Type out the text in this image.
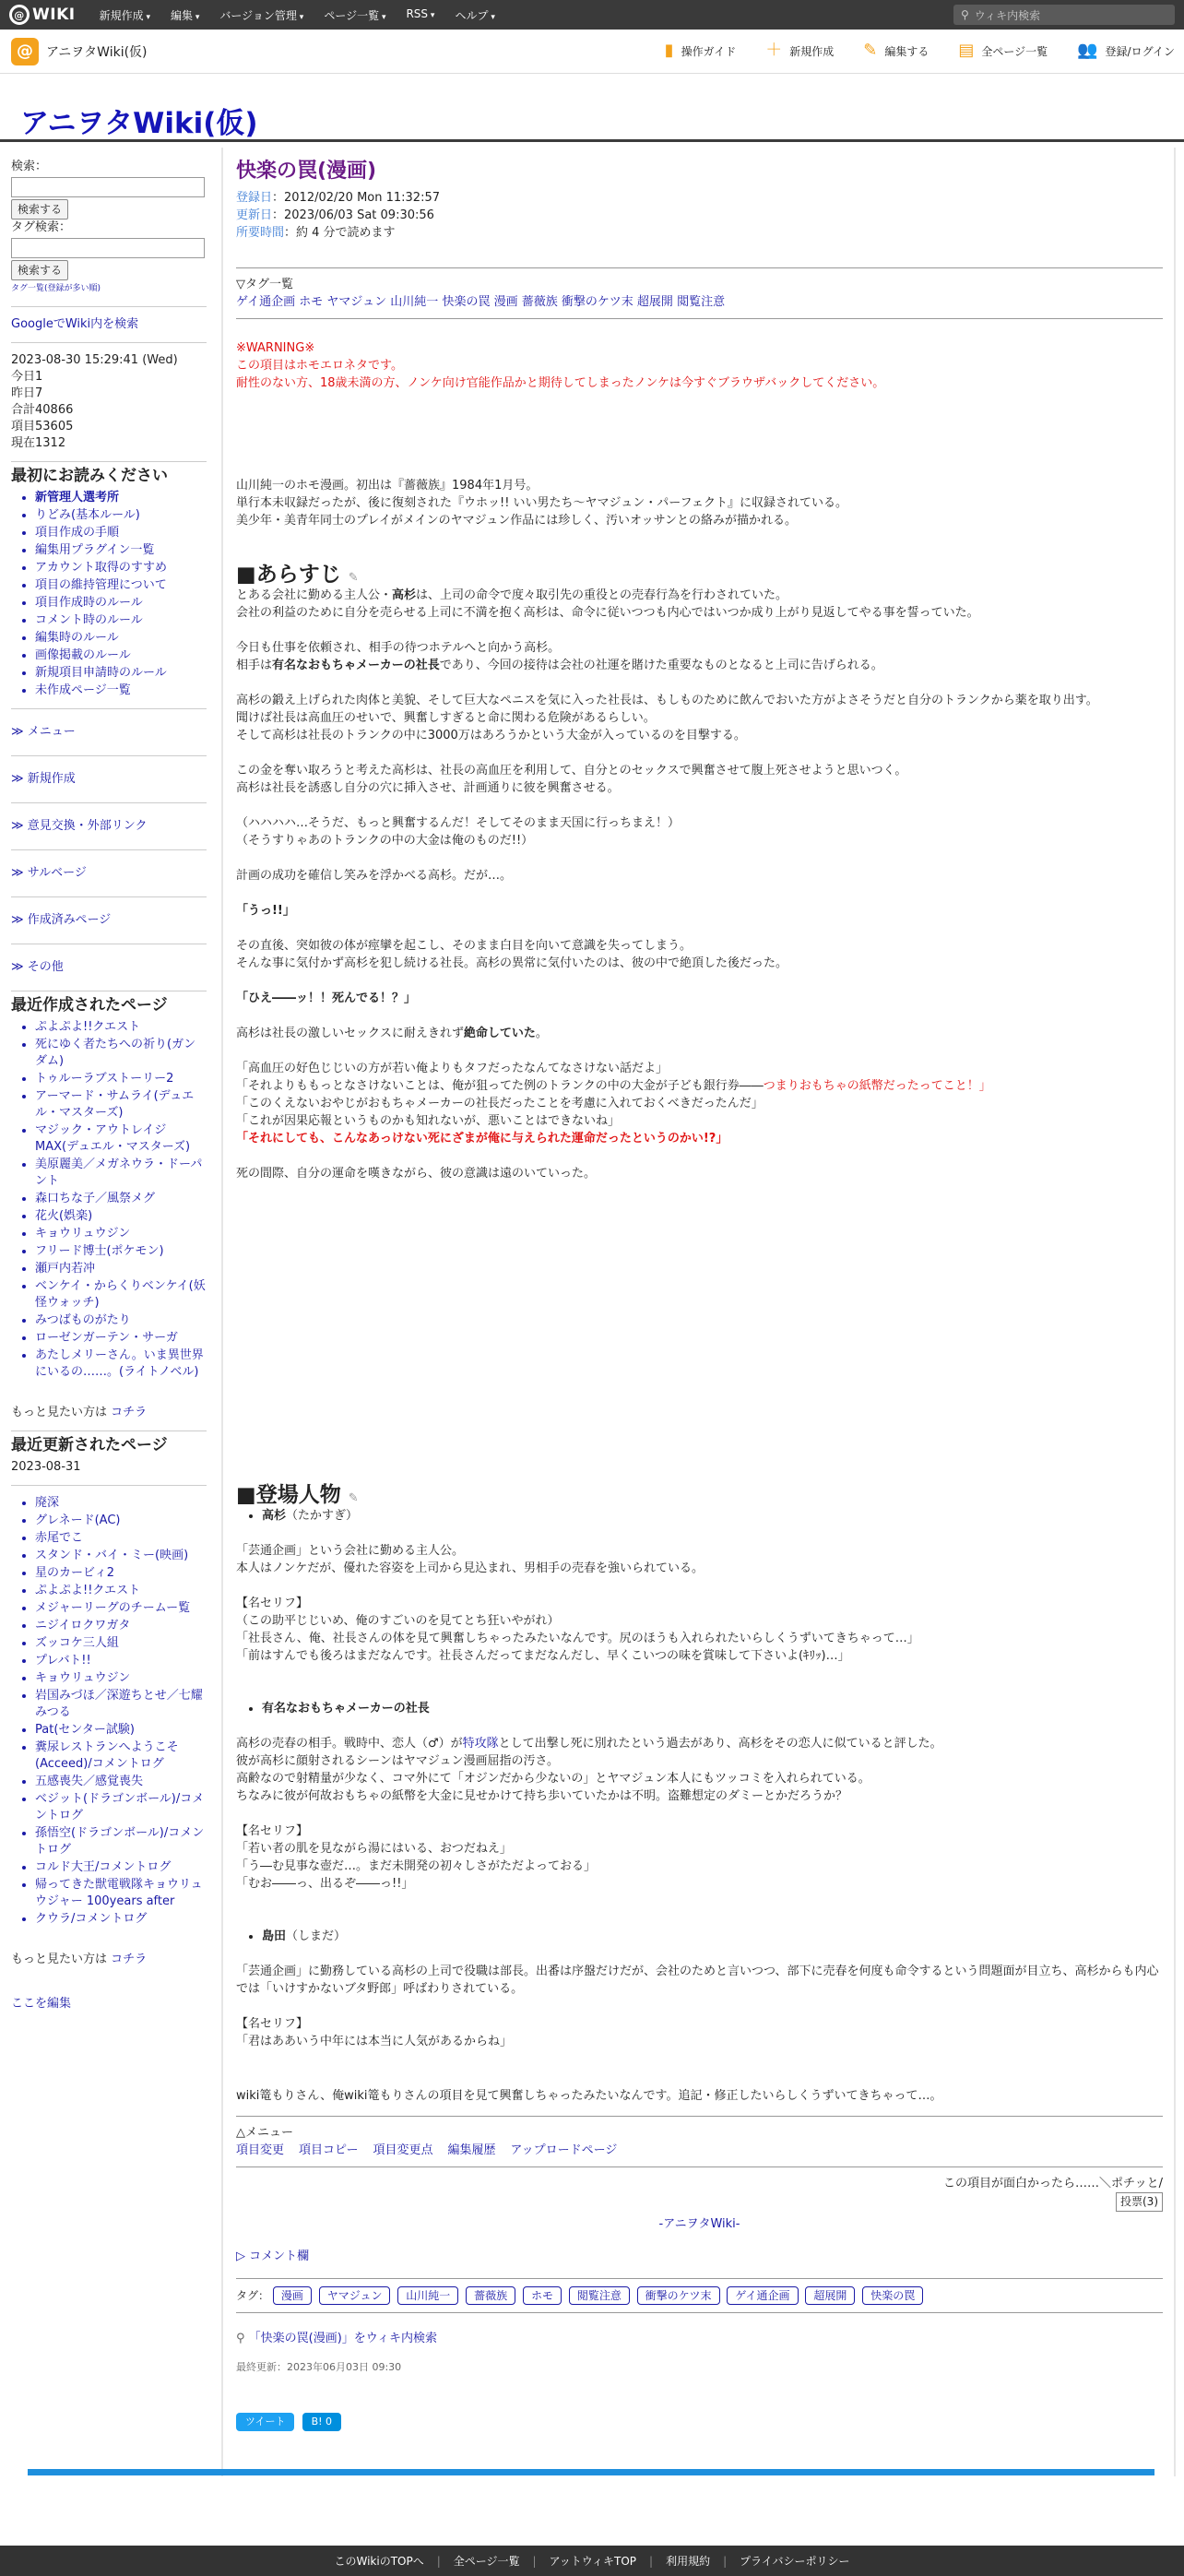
@ WIKI 新規作成 ▾	編集 ▾	バージョン管理 ▾	ページ一覧 ▾	RSS ▾	ヘルプ ▾	⚲ ウィキ内検索
@	アニヲタWiki(仮)	▮ 操作ガイド ＋ 新規作成 ✎ 編集する ▤ 全ページ一覧 👥 登録/ログイン
アニヲタWiki(仮)
検索：
検索する
タグ検索：
検索する
タグ一覧(登録が多い順)
GoogleでWiki内を検索
2023-08-30 15:29:41 (Wed)
今日1
昨日7
合計40866
項目53605
現在1312
最初にお読みください
• 新管理人選考所
• りどみ(基本ルール)
• 項目作成の手順
• 編集用プラグイン一覧
• アカウント取得のすすめ
• 項目の維持管理について
• 項目作成時のルール
• コメント時のルール
• 編集時のルール
• 画像掲載のルール
• 新規項目申請時のルール
• 未作成ページ一覧
≫ メニュー
≫ 新規作成
≫ 意見交換・外部リンク
≫ サルベージ
≫ 作成済みページ
≫ その他
最近作成されたページ
• ぷよぷよ!!クエスト
• 死にゆく者たちへの祈り(ガンダム)
• トゥルーラブストーリー2
• アーマード・サムライ(デュエル・マスターズ)
• マジック・アウトレイジMAX(デュエル・マスターズ)
• 美原麗美／メガネウラ・ドーパント
• 森口ちな子／風祭メグ
• 花火(娯楽)
• キョウリュウジン
• フリード博士(ポケモン)
• 瀬戸内若冲
• ベンケイ・からくりベンケイ(妖怪ウォッチ)
• みつばものがたり
• ローゼンガーテン・サーガ
• あたしメリーさん。いま異世界にいるの……。(ライトノベル)
もっと見たい方は コチラ
最近更新されたページ
2023-08-31
• 廃深
• グレネード(AC)
• 赤尾でこ
• スタンド・バイ・ミー(映画)
• 星のカービィ2
• ぷよぷよ!!クエスト
• メジャーリーグのチームー覧
• ニジイロクワガタ
• ズッコケ三人組
• プレバト!!
• キョウリュウジン
• 岩国みづほ／深遊ちとせ／七耀みつる
• Pat(センター試験)
• 糞尿レストランへようこそ(Acceed)/コメントログ
• 五感喪失／感覚喪失
• ベジット(ドラゴンボール)/コメントログ
• 孫悟空(ドラゴンボール)/コメントログ
• コルド大王/コメントログ
• 帰ってきた獣電戦隊キョウリュウジャー 100years after
• クウラ/コメントログ
もっと見たい方は コチラ
ここを編集
快楽の罠(漫画)
登録日：2012/02/20 Mon 11:32:57
更新日：2023/06/03 Sat 09:30:56
所要時間：約 4 分で読めます
▽タグ一覧
ゲイ通企画 ホモ ヤマジュン 山川純一 快楽の罠 漫画 薔薇族 衝撃のケツ末 超展開 閲覧注意
※WARNING※
この項目はホモエロネタです。
耐性のない方、18歳未満の方、ノンケ向け官能作品かと期待してしまったノンケは今すぐブラウザバックしてください。
山川純一のホモ漫画。初出は『薔薇族』1984年1月号。
単行本未収録だったが、後に復刻された『ウホッ!! いい男たち〜ヤマジュン・パーフェクト』に収録されている。
美少年・美青年同士のプレイがメインのヤマジュン作品には珍しく、汚いオッサンとの絡みが描かれる。
■あらすじ ✎
とある会社に勤める主人公・高杉は、上司の命令で度々取引先の重役との売春行為を行わされていた。
会社の利益のために自分を売らせる上司に不満を抱く高杉は、命令に従いつつも内心ではいつか成り上がり見返してやる事を誓っていた。
今日も仕事を依頼され、相手の待つホテルへと向かう高杉。
相手は有名なおもちゃメーカーの社長であり、今回の接待は会社の社運を賭けた重要なものとなると上司に告げられる。
高杉の鍛え上げられた肉体と美貌、そして巨大なペニスを気に入った社長は、もしものために飲んでおいた方がよさそうだと自分のトランクから薬を取り出す。
聞けば社長は高血圧のせいで、興奮しすぎると命に関わる危険があるらしい。
そして高杉は社長のトランクの中に3000万はあろうかという大金が入っているのを目撃する。
この金を奪い取ろうと考えた高杉は、社長の高血圧を利用して、自分とのセックスで興奮させて腹上死させようと思いつく。
高杉は社長を誘惑し自分の穴に挿入させ、計画通りに彼を興奮させる。
（ハハハハ…そうだ、もっと興奮するんだ！そしてそのまま天国に行っちまえ！）
（そうすりゃあのトランクの中の大金は俺のものだ!!）
計画の成功を確信し笑みを浮かべる高杉。だが…。
「うっ!!」
その直後、突如彼の体が痙攣を起こし、そのまま白目を向いて意識を失ってしまう。
そんな事に気付かず高杉を犯し続ける社長。高杉の異常に気付いたのは、彼の中で絶頂した後だった。
「ひえ――ッ！！死んでる！？」
高杉は社長の激しいセックスに耐えきれず絶命していた。
「高血圧の好色じじいの方が若い俺よりもタフだったなんてなさけない話だよ」
「それよりももっとなさけないことは、俺が狙ってた例のトランクの中の大金が子ども銀行券――つまりおもちゃの紙幣だったってこと！」
「このくえないおやじがおもちゃメーカーの社長だったことを考慮に入れておくべきだったんだ」
「これが因果応報というものかも知れないが、悪いことはできないね」
「それにしても、こんなあっけない死にざまが俺に与えられた運命だったというのかい!?」
死の間際、自分の運命を嘆きながら、彼の意識は遠のいていった。
■登場人物 ✎
• 高杉（たかすぎ）
「芸通企画」という会社に勤める主人公。
本人はノンケだが、優れた容姿を上司から見込まれ、男相手の売春を強いられている。
【名セリフ】
（この助平じじいめ、俺のすごいのを見てとち狂いやがれ）
「社長さん、俺、社長さんの体を見て興奮しちゃったみたいなんです。尻のほうも入れられたいらしくうずいてきちゃって…」
「前はすんでも後ろはまだなんです。社長さんだってまだなんだし、早くこいつの味を賞味して下さいよ(ｷﾘｯ)…」
• 有名なおもちゃメーカーの社長
高杉の売春の相手。戦時中、恋人（♂）が特攻隊として出撃し死に別れたという過去があり、高杉をその恋人に似ていると評した。
彼が高杉に顔射されるシーンはヤマジュン漫画屈指の汚さ。
高齢なので射精量が少なく、コマ外にて「オジンだから少ないの」とヤマジュン本人にもツッコミを入れられている。
ちなみに彼が何故おもちゃの紙幣を大金に見せかけて持ち歩いていたかは不明。盗難想定のダミーとかだろうか？
【名セリフ】
「若い者の肌を見ながら湯にはいる、おつだねえ」
「う―む見事な壺だ…。まだ未開発の初々しさがただよっておる」
「むお――っ、出るぞ――っ!!」
• 島田（しまだ）
「芸通企画」に勤務している高杉の上司で役職は部長。出番は序盤だけだが、会社のためと言いつつ、部下に売春を何度も命令するという問題面が目立ち、高杉からも内心では「いけすかないブタ野郎」呼ばわりされている。
【名セリフ】
「君はああいう中年には本当に人気があるからね」
wiki篭もりさん、俺wiki篭もりさんの項目を見て興奮しちゃったみたいなんです。追記・修正したいらしくうずいてきちゃって…。
△メニュー
項目変更 項目コピー 項目変更点 編集履歴 アップロードページ
この項目が面白かったら……＼ポチッと/
投票(3)
-アニヲタWiki-
▷ コメント欄
タグ： 漫画 ヤマジュン 山川純一 薔薇族 ホモ 閲覧注意 衝撃のケツ末 ゲイ通企画 超展開 快楽の罠
⚲ 「快楽の罠(漫画)」をウィキ内検索
最終更新：2023年06月03日 09:30
ツイート	B! 0
このWikiのTOPへ | 全ページ一覧 | アットウィキTOP | 利用規約 | プライバシーポリシー
